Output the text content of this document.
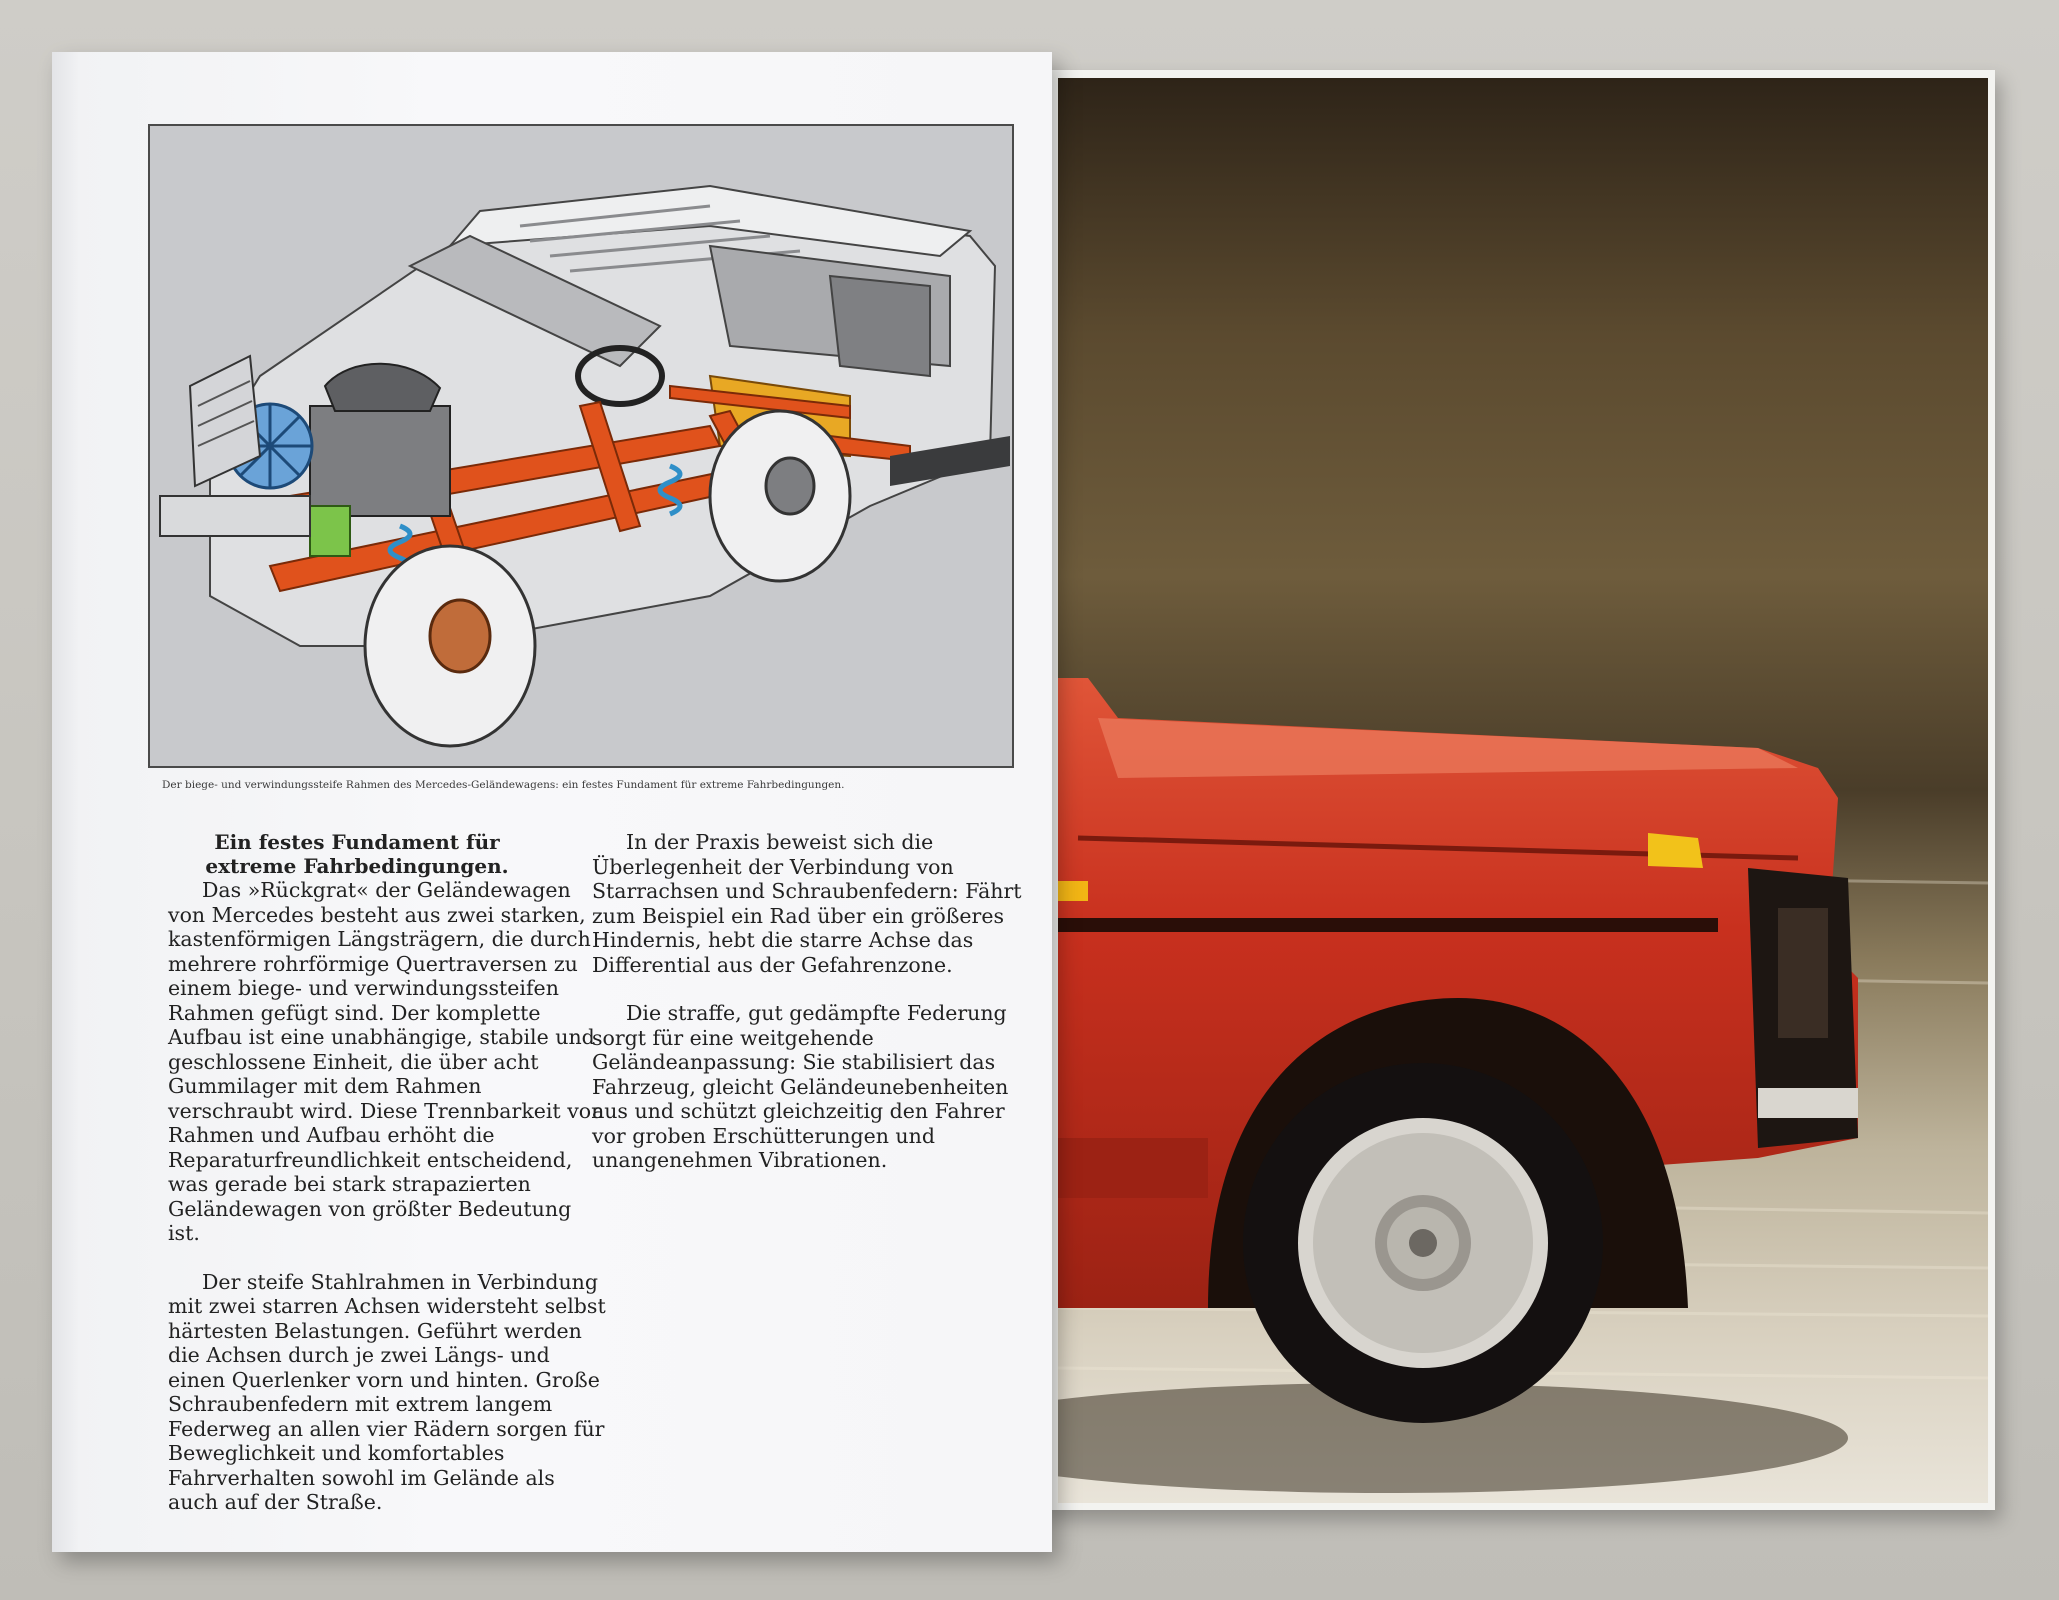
Der biege- und verwindungssteife Rahmen des Mercedes-Geländewagens: ein festes Fundament für extreme Fahrbedingungen.
Ein festes Fundament für
extreme Fahrbedingungen.

Das »Rückgrat« der Geländewagen von Mercedes besteht aus zwei starken, kastenförmigen Längsträgern, die durch mehrere rohrförmige Quertraversen zu einem biege- und verwindungssteifen Rahmen gefügt sind. Der komplette Aufbau ist eine unabhängige, stabile und geschlossene Einheit, die über acht Gummilager mit dem Rahmen verschraubt wird. Diese Trennbarkeit von Rahmen und Aufbau erhöht die Reparaturfreundlichkeit entscheidend, was gerade bei stark strapazierten Geländewagen von größter Bedeutung ist.

Der steife Stahlrahmen in Verbindung mit zwei starren Achsen widersteht selbst härtesten Belastungen. Geführt werden die Achsen durch je zwei Längs- und einen Querlenker vorn und hinten. Große Schraubenfedern mit extrem langem Federweg an allen vier Rädern sorgen für Beweglichkeit und komfortables Fahrverhalten sowohl im Gelände als auch auf der Straße.

In der Praxis beweist sich die Überlegenheit der Verbindung von Starrachsen und Schraubenfedern: Fährt zum Beispiel ein Rad über ein größeres Hindernis, hebt die starre Achse das Differential aus der Gefahrenzone.

Die straffe, gut gedämpfte Federung sorgt für eine weitgehende Geländeanpassung: Sie stabilisiert das Fahrzeug, gleicht Geländeunebenheiten aus und schützt gleichzeitig den Fahrer vor groben Erschütterungen und unangenehmen Vibrationen.
